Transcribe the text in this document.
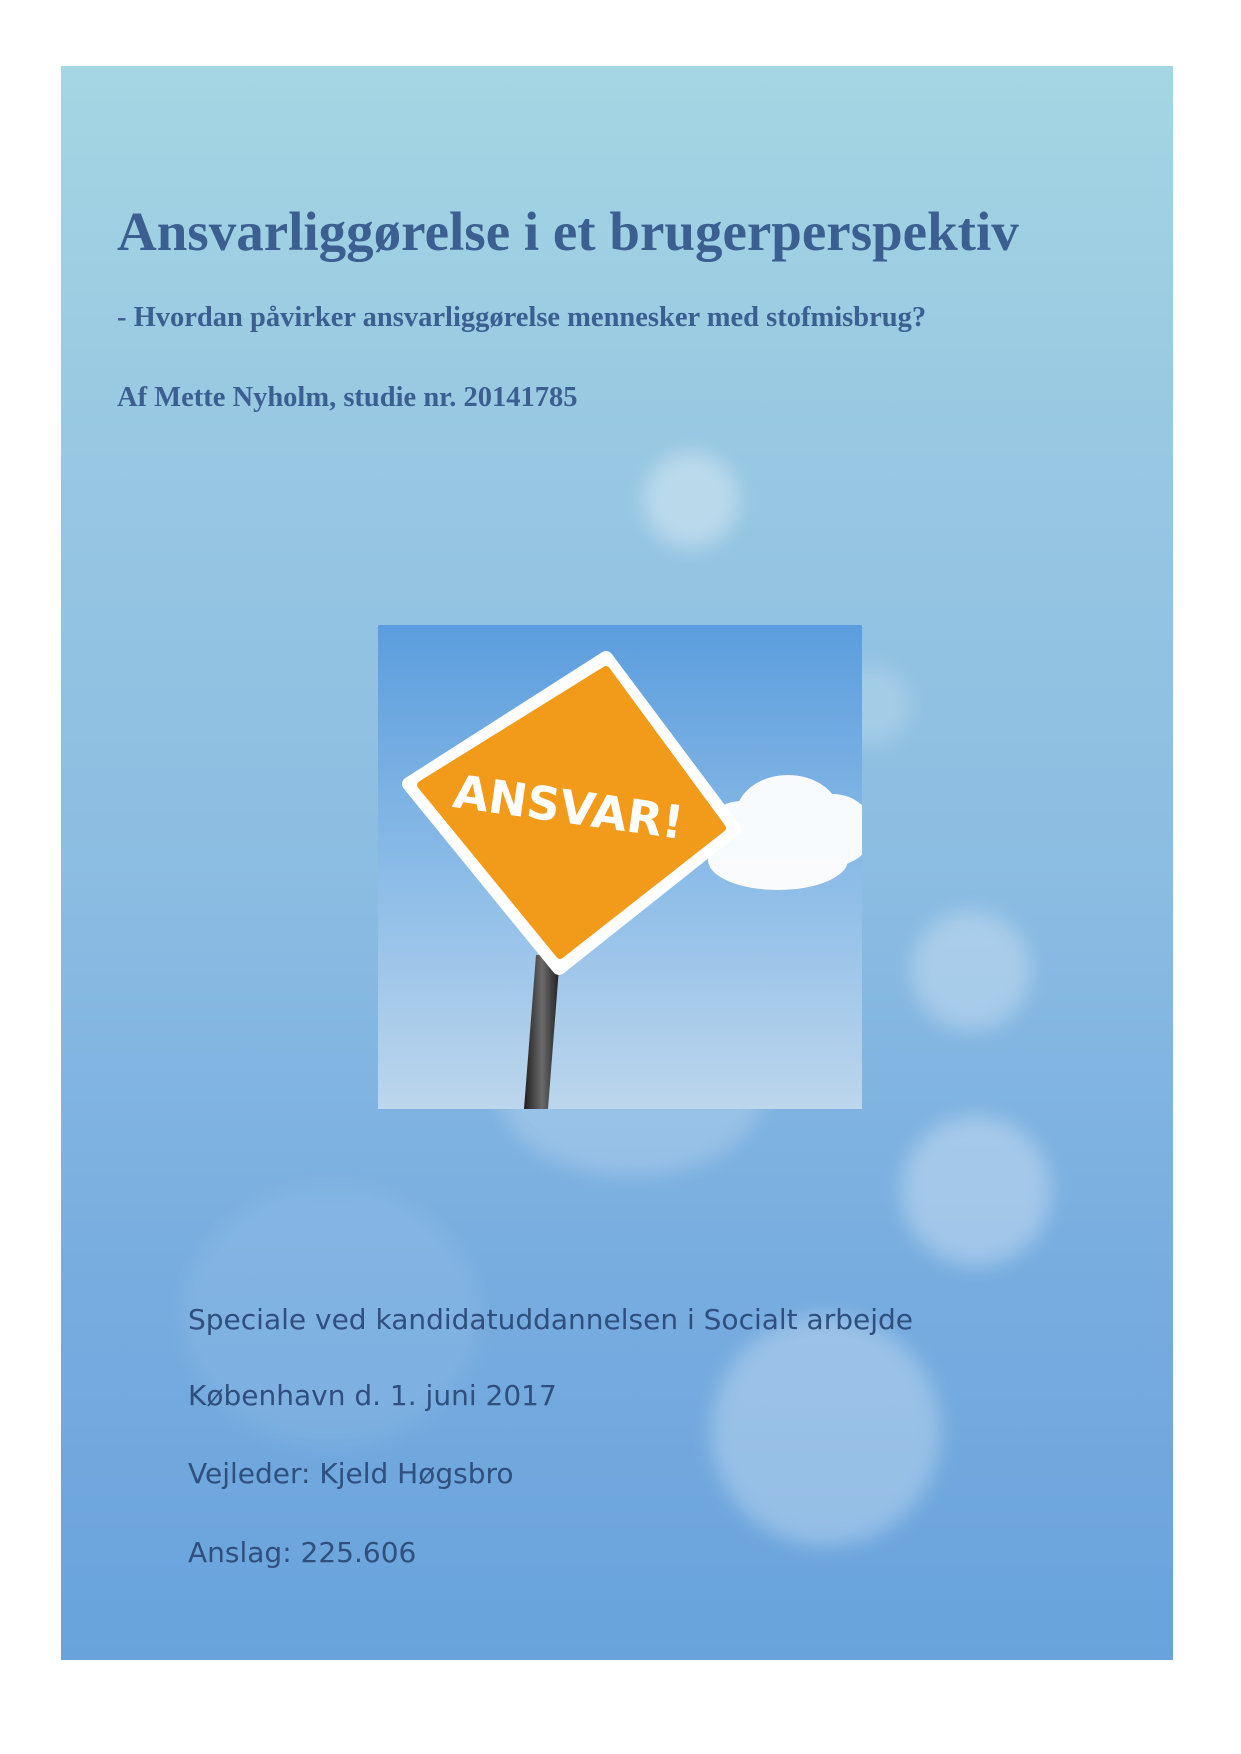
Ansvarliggørelse i et brugerperspektiv
- Hvordan påvirker ansvarliggørelse mennesker med stofmisbrug?

Af Mette Nyholm, studie nr. 20141785

ANSVAR!

Speciale ved kandidatuddannelsen i Socialt arbejde

København d. 1. juni 2017

Vejleder: Kjeld Høgsbro

Anslag: 225.606
